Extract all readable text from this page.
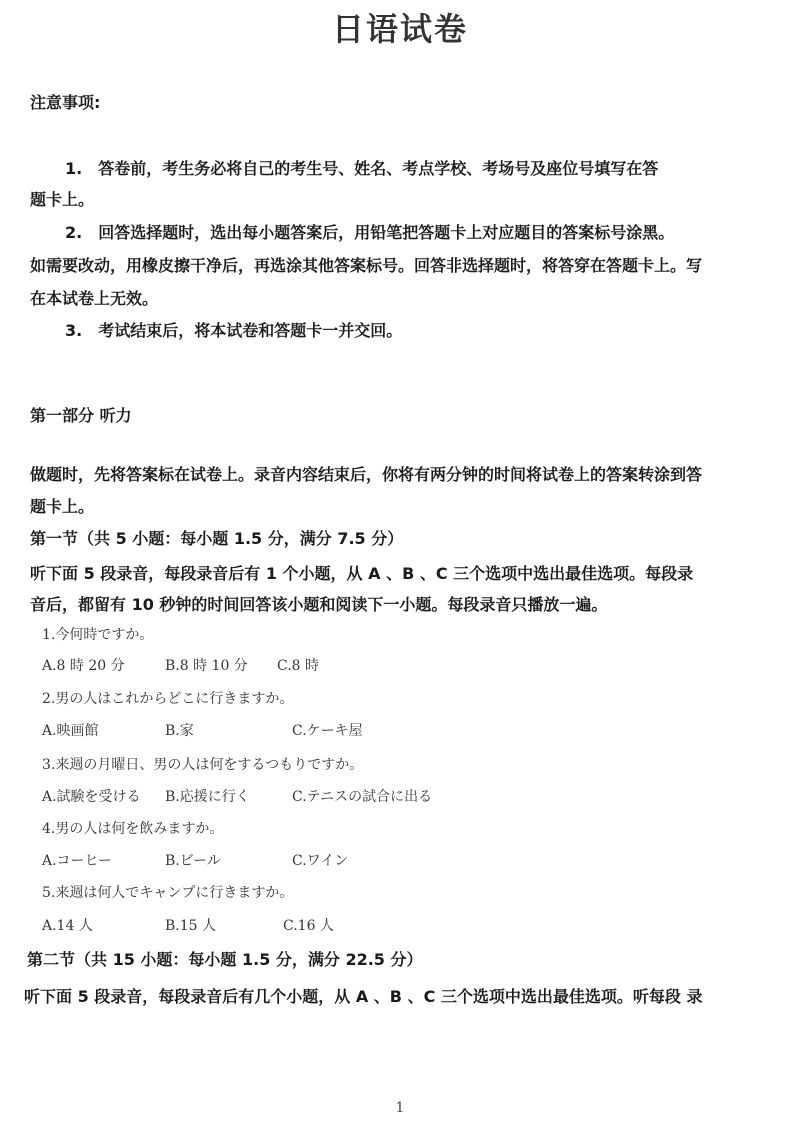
日语试卷
注意事项:
1.　答卷前，考生务必将自己的考生号、姓名、考点学校、考场号及座位号填写在答
题卡上。
2.　回答选择题时，选出每小题答案后，用铅笔把答题卡上对应题目的答案标号涂黑。
如需要改动，用橡皮擦干净后，再选涂其他答案标号。回答非选择题时，将答穿在答题卡上。写
在本试卷上无效。
3.　考试结束后，将本试卷和答题卡一并交回。
第一部分 听力
做题时，先将答案标在试卷上。录音内容结束后，你将有两分钟的时间将试卷上的答案转涂到答
题卡上。
第一节（共 5 小题：每小题 1.5 分，满分 7.5 分）
听下面 5 段录音，每段录音后有 1 个小题，从 A 、B 、C 三个选项中选出最佳选项。每段录
音后，都留有 10 秒钟的时间回答该小题和阅读下一小题。每段录音只播放一遍。
1.今何時ですか。
A.8 時 20 分	B.8 時 10 分 C.8 時
2.男の人はこれからどこに行きますか。
A.映画館	B.家	C.ケーキ屋
3.来週の月曜日、男の人は何をするつもりですか。
A.試験を受ける B.応援に行く	C.テニスの試合に出る
4.男の人は何を飲みますか。
A.コーヒー	B.ビール	C.ワイン
5.来週は何人でキャンプに行きますか。
A.14 人	B.15 人	C.16 人
第二节（共 15 小题：每小题 1.5 分，满分 22.5 分）
听下面 5 段录音，每段录音后有几个小题，从 A 、B 、C 三个选项中选出最佳选项。听每段 录
1
